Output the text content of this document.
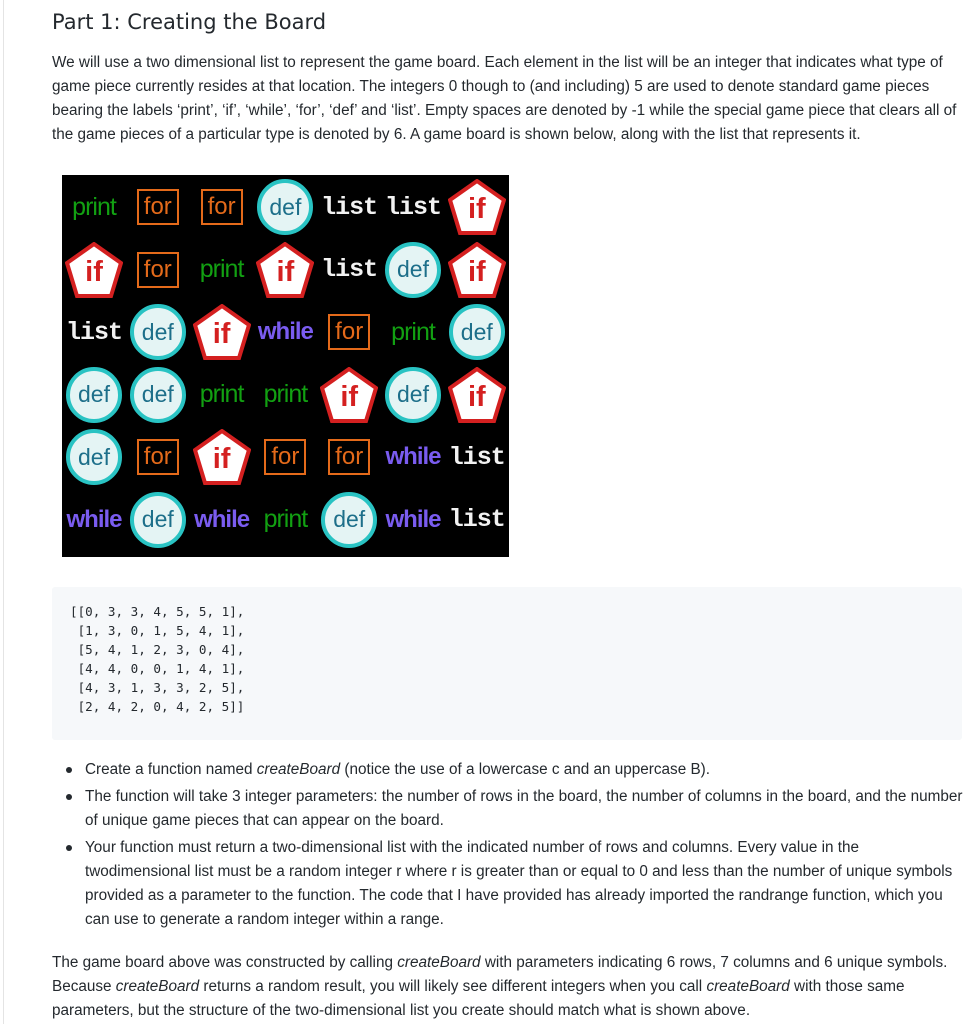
Part 1: Creating the Board

We will use a two dimensional list to represent the game board. Each element in the list will be an integer that indicates what type of game piece currently resides at that location. The integers 0 though to (and including) 5 are used to denote standard game pieces bearing the labels ‘print’, ‘if’, ‘while’, ‘for’, ‘def’ and ‘list’. Empty spaces are denoted by -1 while the special game piece that clears all of the game pieces of a particular type is denoted by 6. A game board is shown below, along with the list that represents it.

print for for	def list list if
if	for print	if	list def	if
list def	if	while for print	def
def	def	print print	if	def	if
def	for	if	for for while list
while def while print	def while list
[[0, 3, 3, 4, 5, 5, 1],
[1, 3, 0, 1, 5, 4, 1],
[5, 4, 1, 2, 3, 0, 4],
[4, 4, 0, 0, 1, 4, 1],
[4, 3, 1, 3, 3, 2, 5],
[2, 4, 2, 0, 4, 2, 5]]
Create a function named createBoard (notice the use of a lowercase c and an uppercase B).
The function will take 3 integer parameters: the number of rows in the board, the number of columns in the board, and the number of unique game pieces that can appear on the board.
Your function must return a two-dimensional list with the indicated number of rows and columns. Every value in the twodimensional list must be a random integer r where r is greater than or equal to 0 and less than the number of unique symbols provided as a parameter to the function. The code that I have provided has already imported the randrange function, which you can use to generate a random integer within a range.

The game board above was constructed by calling createBoard with parameters indicating 6 rows, 7 columns and 6 unique symbols. Because createBoard returns a random result, you will likely see different integers when you call createBoard with those same parameters, but the structure of the two-dimensional list you create should match what is shown above.
